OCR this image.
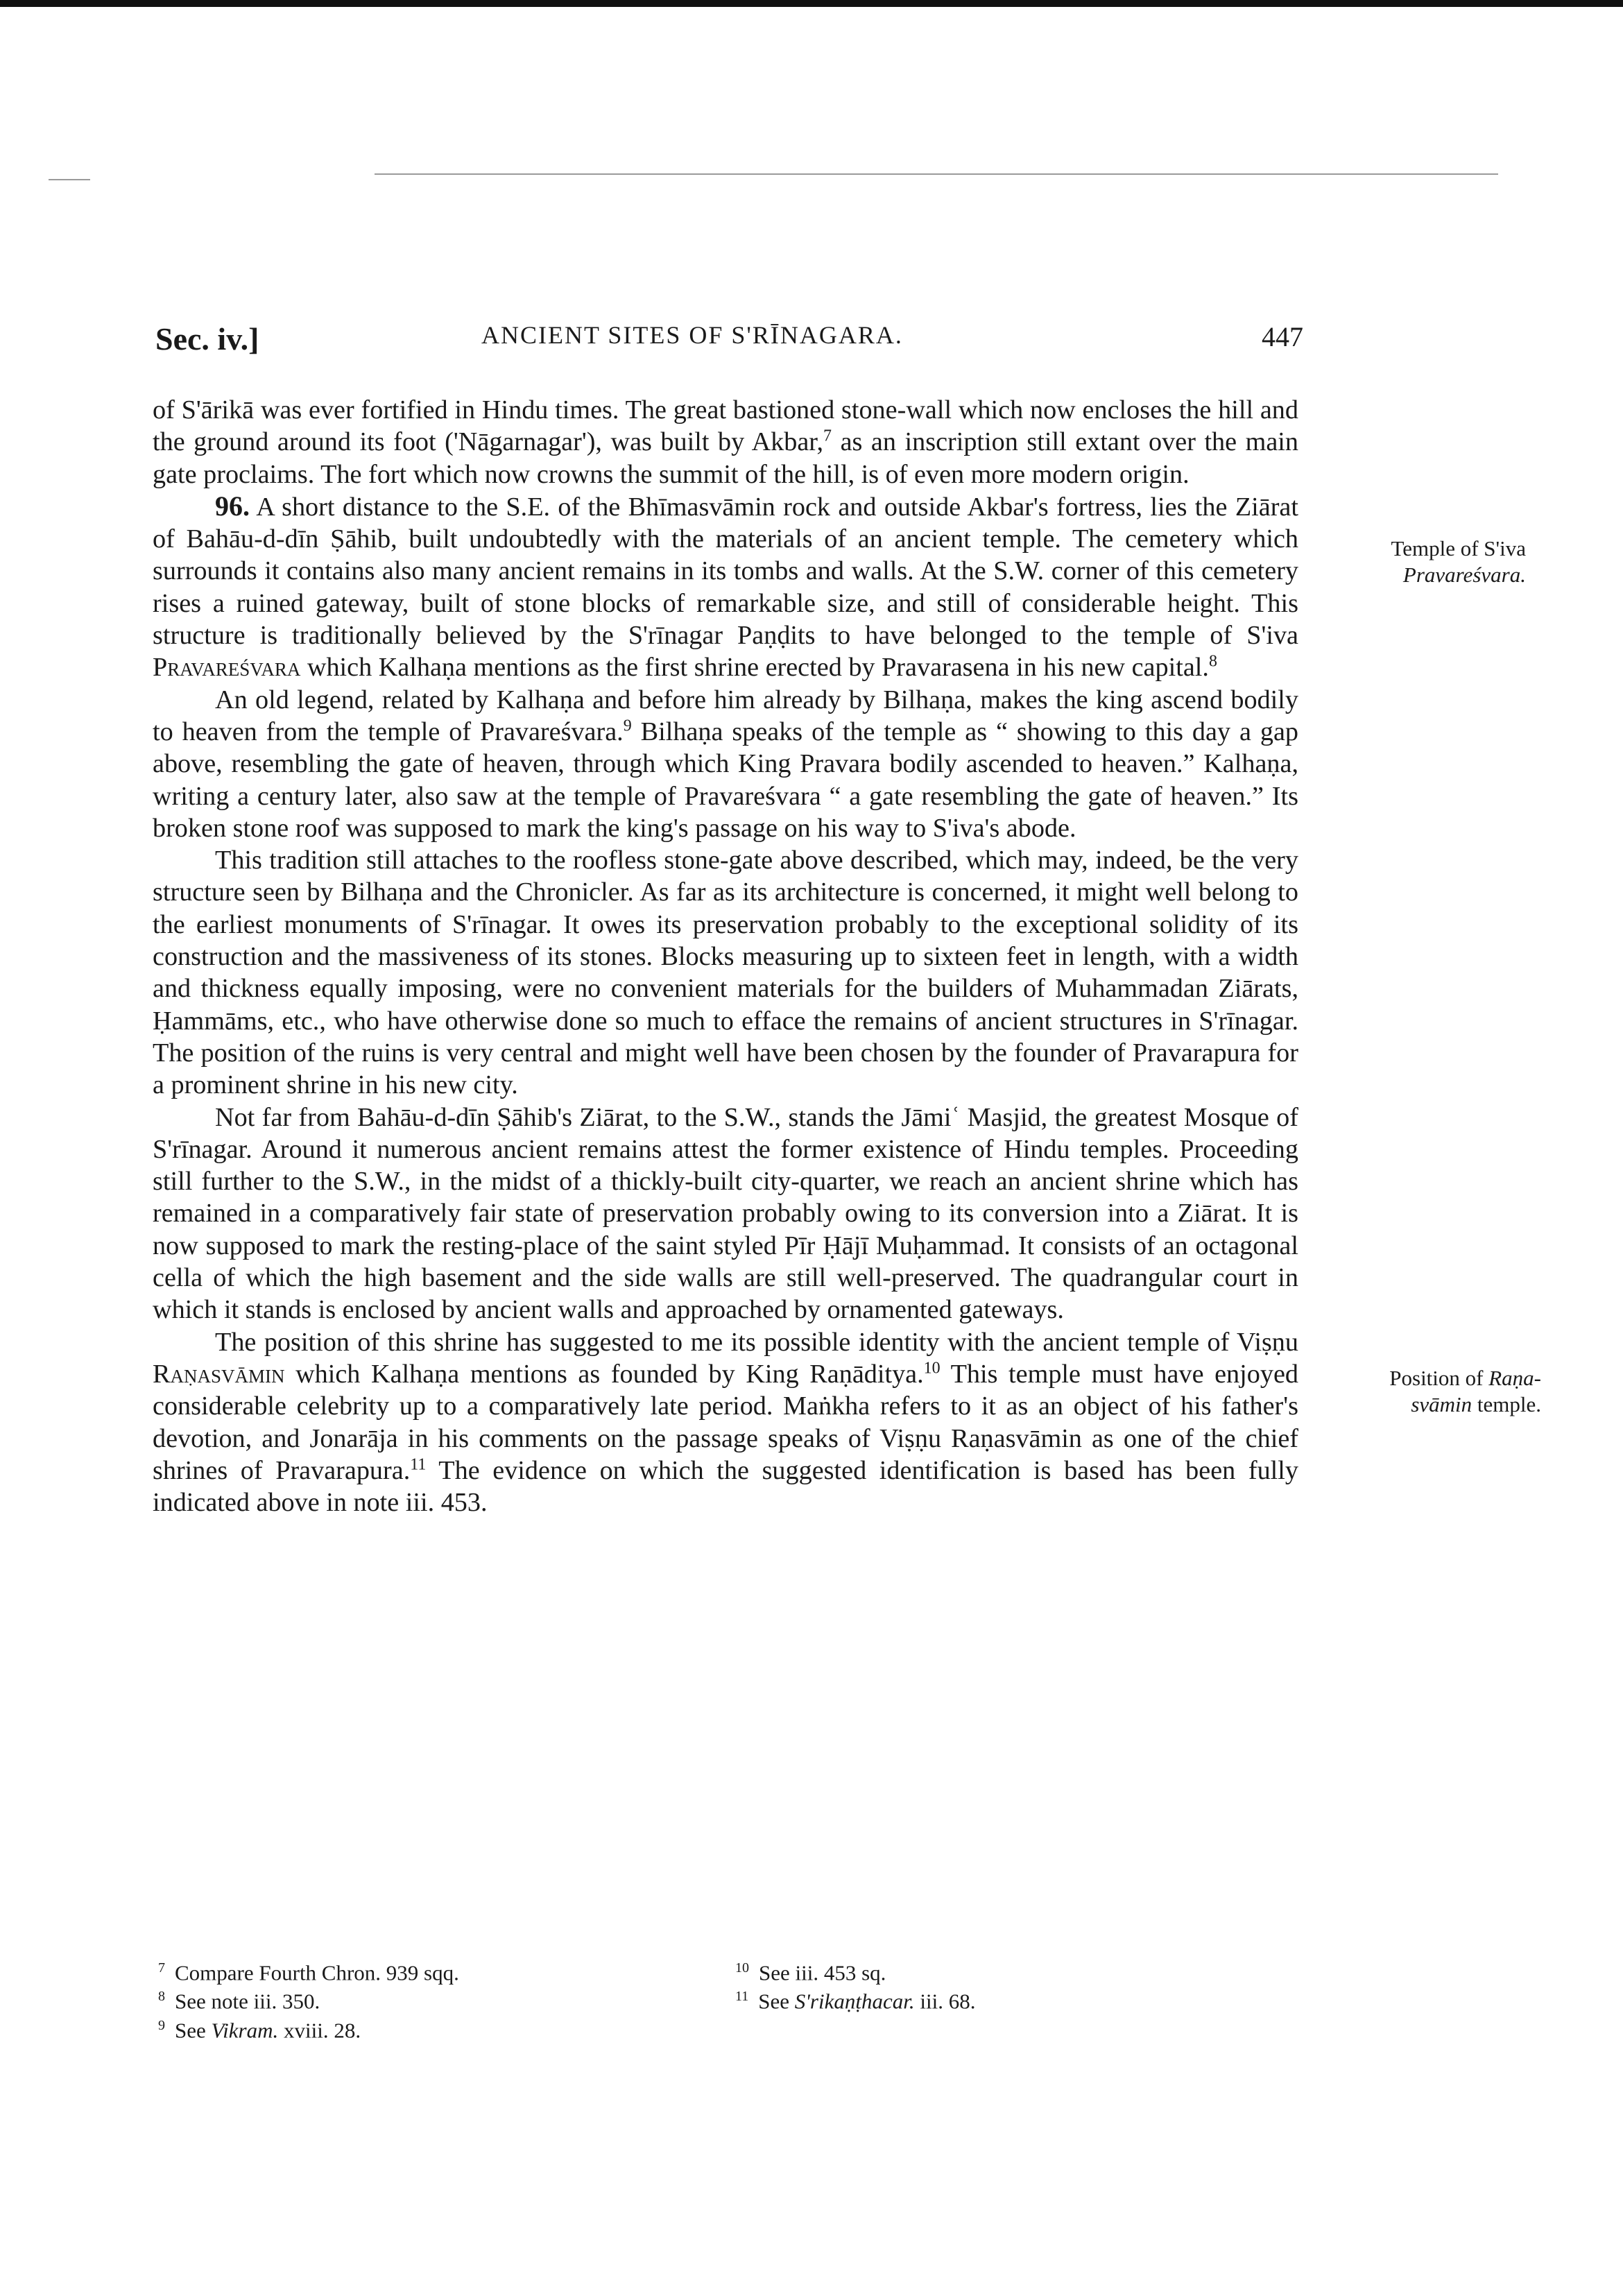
Sec. iv.]	ANCIENT SITES OF S'RĪNAGARA.	447

of S'ārikā was ever fortified in Hindu times. The great bastioned stone-wall which now encloses the hill and the ground around its foot ('Nāgarnagar'), was built by Akbar,$^7$ as an inscription still extant over the main gate proclaims. The fort which now crowns the summit of the hill, is of even more modern origin.

96. A short distance to the S.E. of the Bhīmasvāmin rock and outside Akbar's fortress, lies the Ziārat of Bahāu-d-dīn Ṣāhib, built undoubtedly with the materials of an ancient temple. The cemetery which surrounds it contains also many ancient remains in its tombs and walls. At the S.W. corner of this cemetery rises a ruined gateway, built of stone blocks of remarkable size, and still of considerable height. This structure is traditionally believed by the S'rīnagar Paṇḍits to have belonged to the temple of S'iva Pravareśvara which Kalhaṇa mentions as the first shrine erected by Pravarasena in his new capital.$^8$

An old legend, related by Kalhaṇa and before him already by Bilhaṇa, makes the king ascend bodily to heaven from the temple of Pravareśvara.$^9$ Bilhaṇa speaks of the temple as “ showing to this day a gap above, resembling the gate of heaven, through which King Pravara bodily ascended to heaven.” Kalhaṇa, writing a century later, also saw at the temple of Pravareśvara “ a gate resembling the gate of heaven.” Its broken stone roof was supposed to mark the king's passage on his way to S'iva's abode.

This tradition still attaches to the roofless stone-gate above described, which may, indeed, be the very structure seen by Bilhaṇa and the Chronicler. As far as its architecture is concerned, it might well belong to the earliest monuments of S'rīnagar. It owes its preservation probably to the exceptional solidity of its construction and the massiveness of its stones. Blocks measuring up to sixteen feet in length, with a width and thickness equally imposing, were no convenient materials for the builders of Muhammadan Ziārats, Ḥammāms, etc., who have otherwise done so much to efface the remains of ancient structures in S'rīnagar. The position of the ruins is very central and might well have been chosen by the founder of Pravarapura for a prominent shrine in his new city.

Not far from Bahāu-d-dīn Ṣāhib's Ziārat, to the S.W., stands the Jāmiʿ Masjid, the greatest Mosque of S'rīnagar. Around it numerous ancient remains attest the former existence of Hindu temples. Proceeding still further to the S.W., in the midst of a thickly-built city-quarter, we reach an ancient shrine which has remained in a comparatively fair state of preservation probably owing to its conversion into a Ziārat. It is now supposed to mark the resting-place of the saint styled Pīr Ḥājī Muḥammad. It consists of an octagonal cella of which the high basement and the side walls are still well-preserved. The quadrangular court in which it stands is enclosed by ancient walls and approached by ornamented gateways.

The position of this shrine has suggested to me its possible identity with the ancient temple of Viṣṇu Raṇasvāmin which Kalhaṇa mentions as founded by King Raṇāditya.$^{10}$ This temple must have enjoyed considerable celebrity up to a comparatively late period. Maṅkha refers to it as an object of his father's devotion, and Jonarāja in his comments on the passage speaks of Viṣṇu Raṇasvāmin as one of the chief shrines of Pravarapura.$^{11}$ The evidence on which the suggested identification is based has been fully indicated above in note iii. 453.

Temple of S'iva
Pravareśvara.
Position of Raṇa-
svāmin temple.
$^7$ Compare Fourth Chron. 939 sqq.
$^8$ See note iii. 350.
$^9$ See Vikram. xviii. 28.
$^{10}$ See iii. 453 sq.
$^{11}$ See S'rikaṇṭhacar. iii. 68.
